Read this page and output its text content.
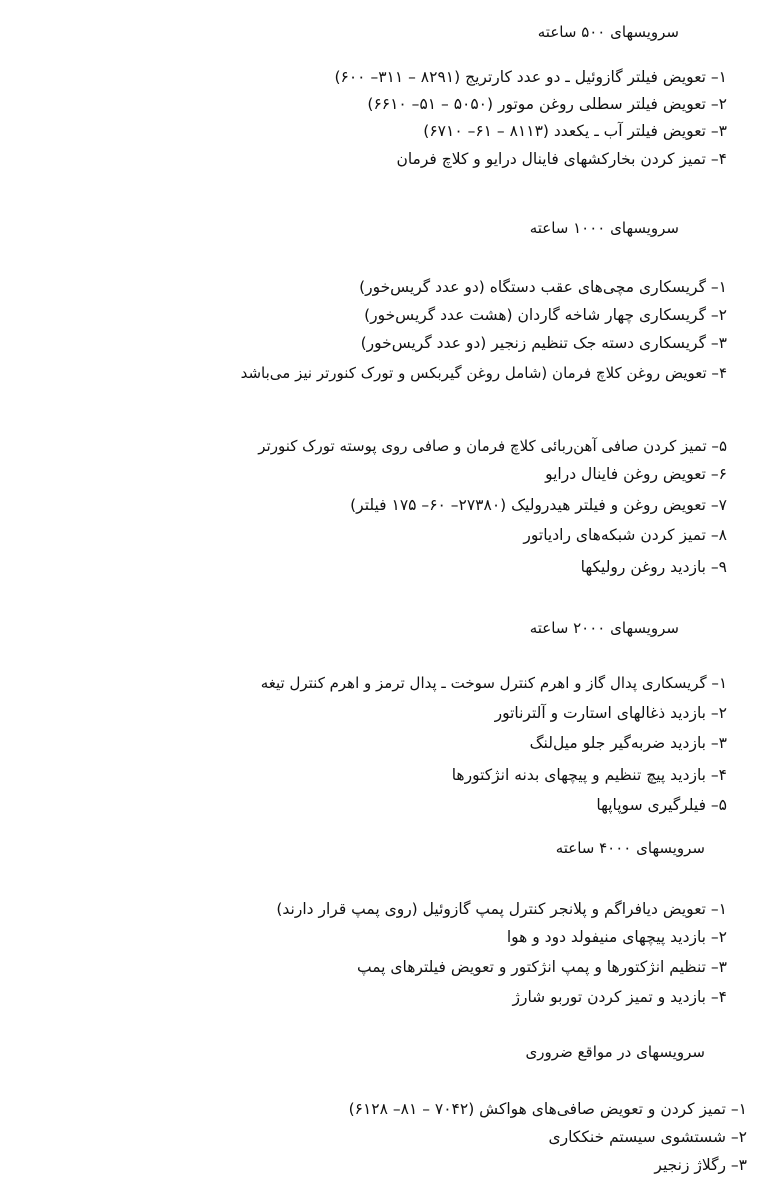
سرویسهای ۵۰۰ ساعته
۱– تعویض فیلتر گازوئیل ـ دو عدد کارتریج (۸۲۹۱ – ۳۱۱– ۶۰۰)
۲– تعویض فیلتر سطلی روغن موتور (۵۰۵۰ – ۵۱– ۶۶۱۰)
۳– تعویض فیلتر آب ـ یکعدد (۸۱۱۳ – ۶۱– ۶۷۱۰)
۴– تمیز کردن بخارکشهای فاینال درایو و کلاچ فرمان
سرویسهای ۱۰۰۰ ساعته
۱– گریسکاری مچی‌های عقب دستگاه (دو عدد گریس‌خور)
۲– گریسکاری چهار شاخه گاردان (هشت عدد گریس‌خور)
۳– گریسکاری دسته جک تنظیم زنجیر (دو عدد گریس‌خور)
۴– تعویض روغن کلاچ فرمان (شامل روغن گیربکس و تورک کنورتر نیز می‌باشد
۵– تمیز کردن صافی آهن‌ربائی کلاچ فرمان و صافی روی پوسته تورک کنورتر
۶– تعویض روغن فاینال درایو
۷– تعویض روغن و فیلتر هیدرولیک (۲۷۳۸۰– ۶۰– ۱۷۵ فیلتر)
۸– تمیز کردن شبکه‌های رادیاتور
۹– بازدید روغن رولیکها
سرویسهای ۲۰۰۰ ساعته
۱– گریسکاری پدال گاز و اهرم کنترل سوخت ـ پدال ترمز و اهرم کنترل تیغه
۲– بازدید ذغالهای استارت و آلترناتور
۳– بازدید ضربه‌گیر جلو میل‌لنگ
۴– بازدید پیچ تنظیم و پیچهای بدنه انژکتورها
۵– فیلرگیری سوپاپها
سرویسهای ۴۰۰۰ ساعته
۱– تعویض دیافراگم و پلانجر کنترل پمپ گازوئیل (روی پمپ قرار دارند)
۲– بازدید پیچهای منیفولد دود و هوا
۳– تنظیم انژکتورها و پمپ انژکتور و تعویض فیلترهای پمپ
۴– بازدید و تمیز کردن توربو شارژ
سرویسهای در مواقع ضروری
۱– تمیز کردن و تعویض صافی‌های هواکش (۷۰۴۲ – ۸۱– ۶۱۲۸)
۲– شستشوی سیستم خنککاری
۳– رگلاژ زنجیر
